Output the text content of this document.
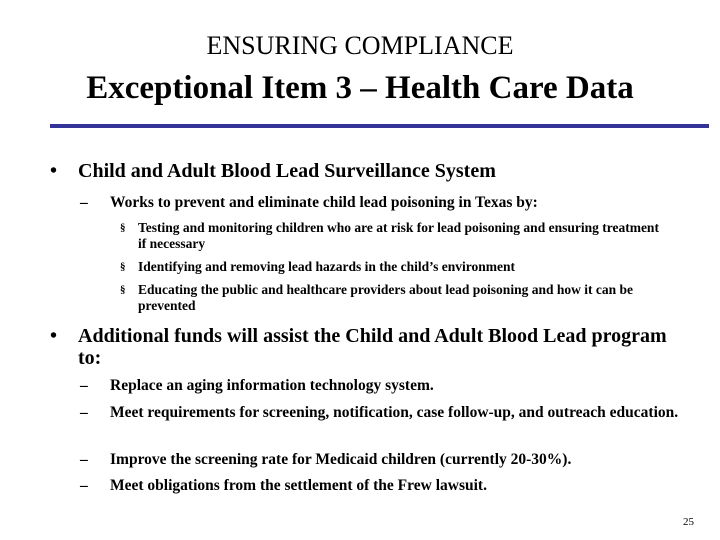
ENSURING COMPLIANCE
Exceptional Item 3 – Health Care Data
• Child and Adult Blood Lead Surveillance System
– Works to prevent and eliminate child lead poisoning in Texas by:
§ Testing and monitoring children who are at risk for lead poisoning and ensuring treatment if necessary
§ Identifying and removing lead hazards in the child’s environment
§ Educating the public and healthcare providers about lead poisoning and how it can be prevented
• Additional funds will assist the Child and Adult Blood Lead program to:
– Replace an aging information technology system.
– Meet requirements for screening, notification, case follow-up, and outreach education.
– Improve the screening rate for Medicaid children (currently 20-30%).
– Meet obligations from the settlement of the Frew lawsuit.
25
